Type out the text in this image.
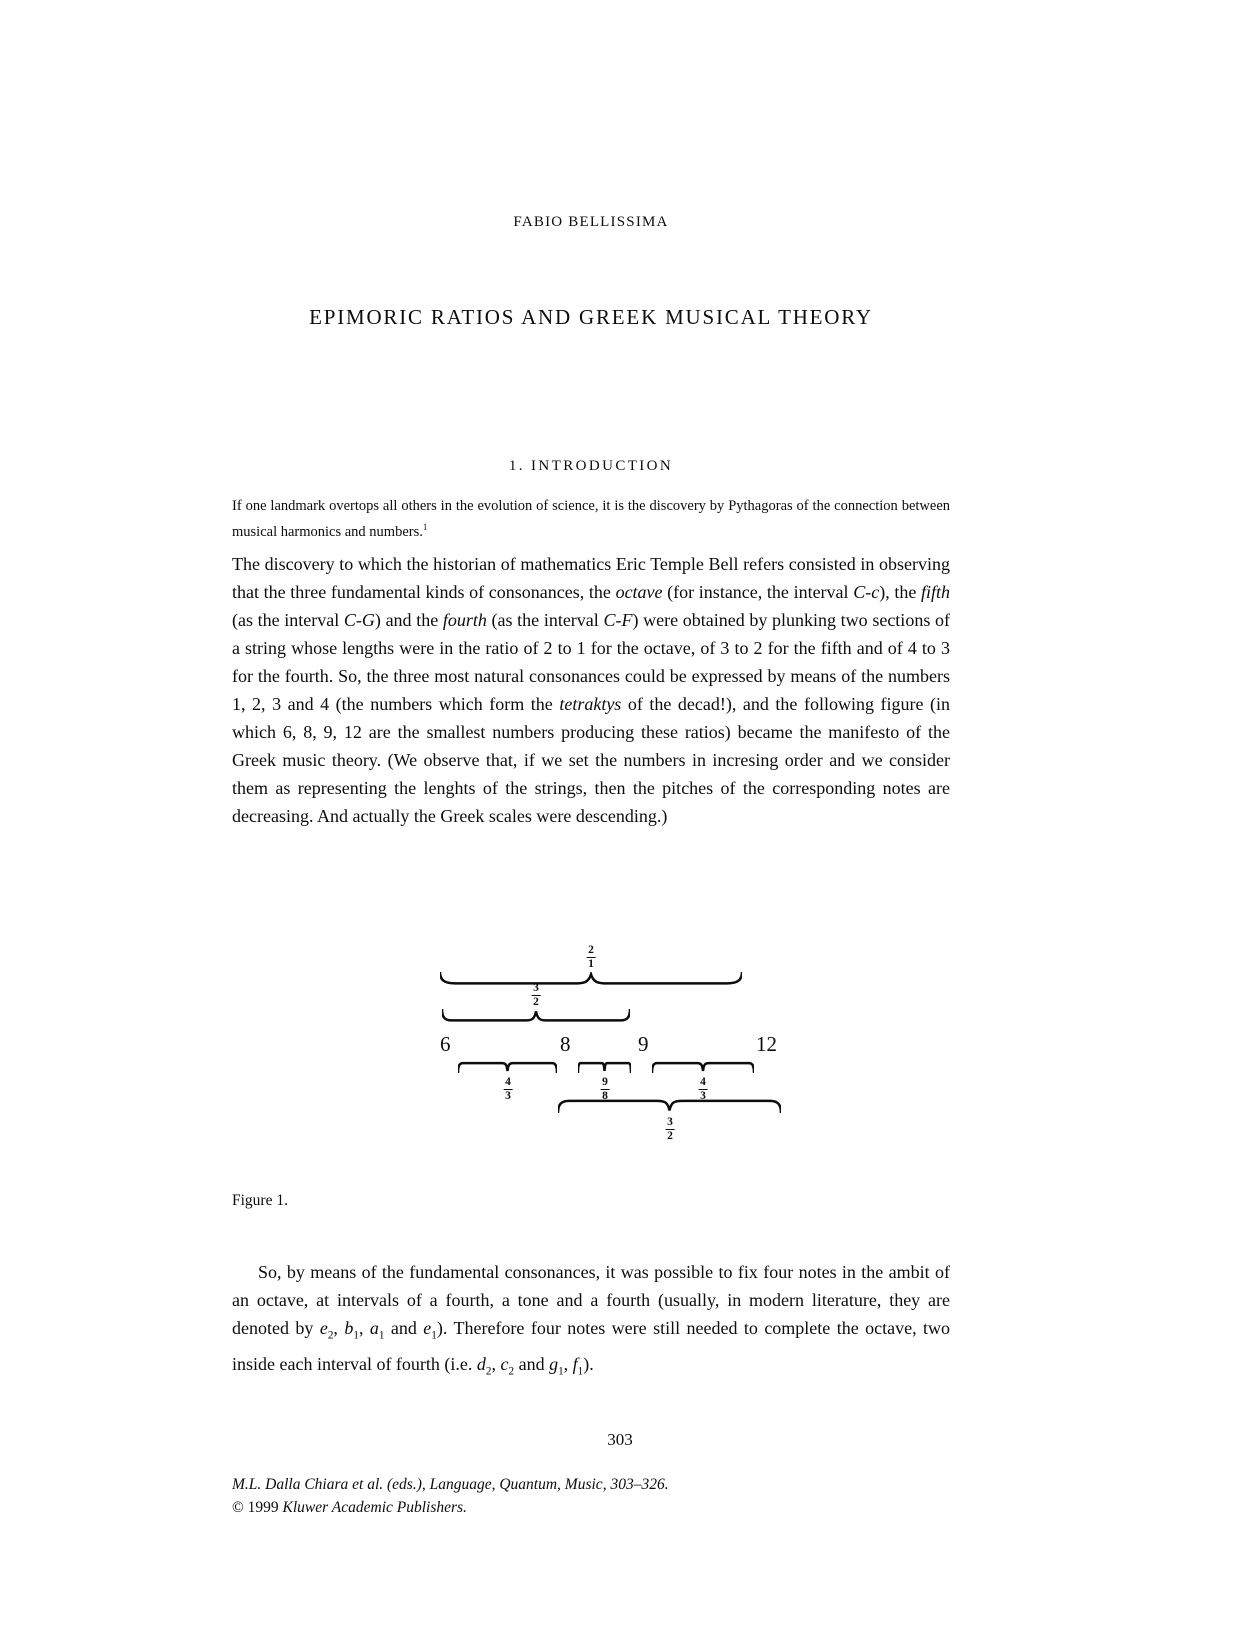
FABIO BELLISSIMA
EPIMORIC RATIOS AND GREEK MUSICAL THEORY
1. INTRODUCTION
If one landmark overtops all others in the evolution of science, it is the discovery by Pythagoras of the connection between musical harmonics and numbers.$^1$
The discovery to which the historian of mathematics Eric Temple Bell refers consisted in observing that the three fundamental kinds of consonances, the octave (for instance, the interval C-c), the fifth (as the interval C-G) and the fourth (as the interval C-F) were obtained by plunking two sections of a string whose lengths were in the ratio of 2 to 1 for the octave, of 3 to 2 for the fifth and of 4 to 3 for the fourth. So, the three most natural consonances could be expressed by means of the numbers 1, 2, 3 and 4 (the numbers which form the tetraktys of the decad!), and the following figure (in which 6, 8, 9, 12 are the smallest numbers producing these ratios) became the manifesto of the Greek music theory. (We observe that, if we set the numbers in incresing order and we consider them as representing the lenghts of the strings, then the pitches of the corresponding notes are decreasing. And actually the Greek scales were descending.)
$\frac{2}{1}$
$\frac{3}{2}$
6	8	9	12
$\frac{4}{3}$	$\frac{9}{8}$	$\frac{4}{3}$
$\frac{3}{2}$
Figure 1.
So, by means of the fundamental consonances, it was possible to fix four notes in the ambit of an octave, at intervals of a fourth, a tone and a fourth (usually, in modern literature, they are denoted by $e_2$, $b_1$, $a_1$ and $e_1$). Therefore four notes were still needed to complete the octave, two inside each interval of fourth (i.e. $d_2$, $c_2$ and $g_1$, $f_1$).
303
M.L. Dalla Chiara et al. (eds.), Language, Quantum, Music, 303–326.
© 1999 Kluwer Academic Publishers.
